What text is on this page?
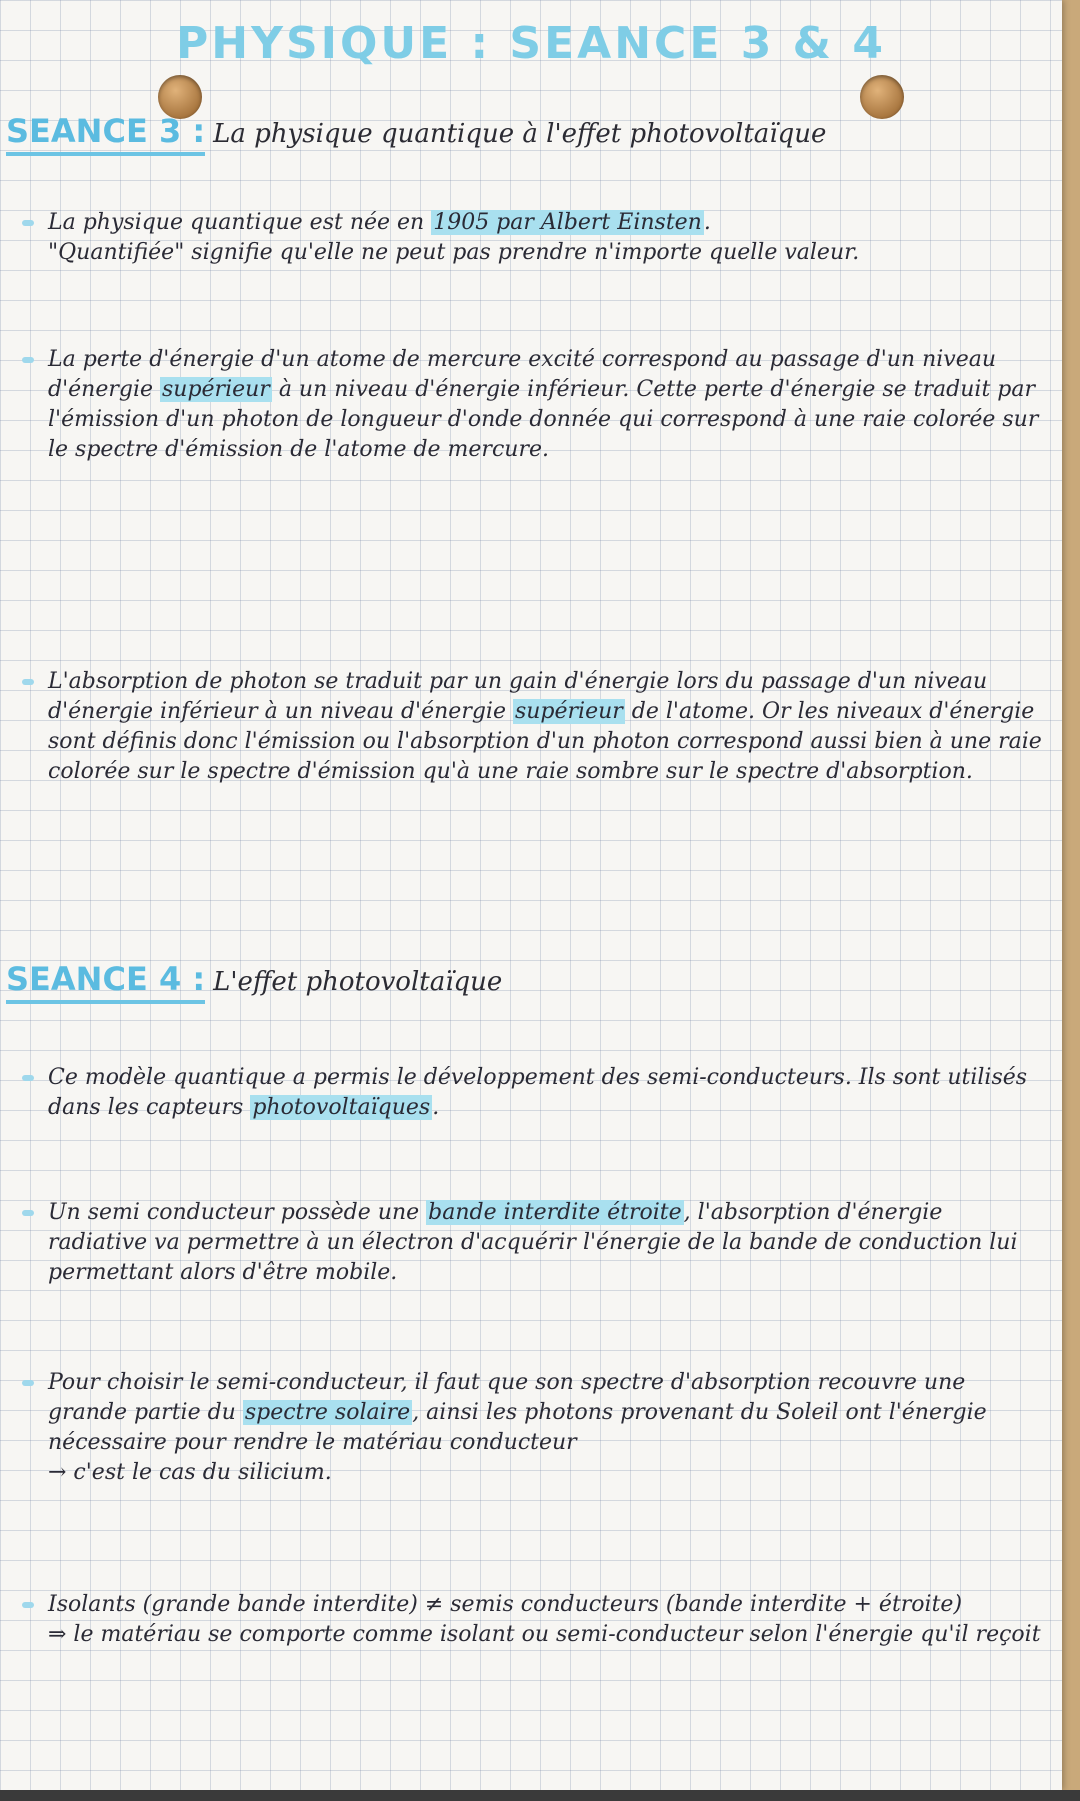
PHYSIQUE : SEANCE 3 & 4
SEANCE 3 : La physique quantique à l'effet photovoltaïque
La physique quantique est née en 1905 par Albert Einsten.
"Quantifiée" signifie qu'elle ne peut pas prendre n'importe quelle valeur.
La perte d'énergie d'un atome de mercure excité correspond au passage d'un niveau d'énergie supérieur à un niveau d'énergie inférieur. Cette perte d'énergie se traduit par l'émission d'un photon de longueur d'onde donnée qui correspond à une raie colorée sur le spectre d'émission de l'atome de mercure.
L'absorption de photon se traduit par un gain d'énergie lors du passage d'un niveau d'énergie inférieur à un niveau d'énergie supérieur de l'atome. Or les niveaux d'énergie sont définis donc l'émission ou l'absorption d'un photon correspond aussi bien à une raie colorée sur le spectre d'émission qu'à une raie sombre sur le spectre d'absorption.
SEANCE 4 : L'effet photovoltaïque
Ce modèle quantique a permis le développement des semi-conducteurs. Ils sont utilisés dans les capteurs photovoltaïques.
Un semi conducteur possède une bande interdite étroite, l'absorption d'énergie radiative va permettre à un électron d'acquérir l'énergie de la bande de conduction lui permettant alors d'être mobile.
Pour choisir le semi-conducteur, il faut que son spectre d'absorption recouvre une grande partie du spectre solaire, ainsi les photons provenant du Soleil ont l'énergie nécessaire pour rendre le matériau conducteur
→ c'est le cas du silicium.
Isolants (grande bande interdite) ≠ semis conducteurs (bande interdite + étroite)
⇒ le matériau se comporte comme isolant ou semi-conducteur selon l'énergie qu'il reçoit
